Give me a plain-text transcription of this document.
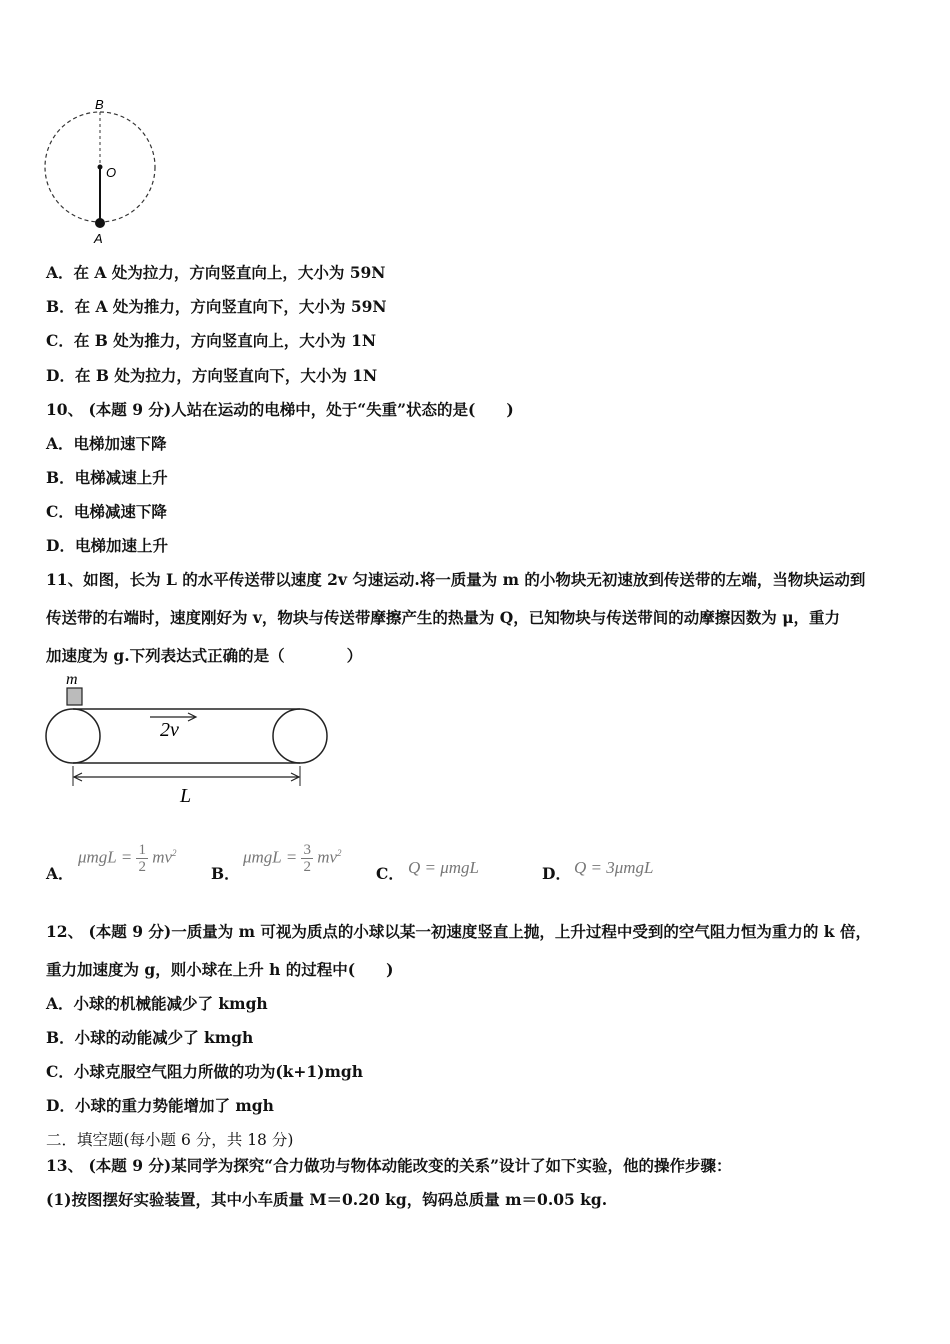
B
O
A
A．在 A 处为拉力，方向竖直向上，大小为 59N
B．在 A 处为推力，方向竖直向下，大小为 59N
C．在 B 处为推力，方向竖直向上，大小为 1N
D．在 B 处为拉力，方向竖直向下，大小为 1N
10、 (本题 9 分)人站在运动的电梯中，处于“失重”状态的是(　　)
A．电梯加速下降
B．电梯减速上升
C．电梯减速下降
D．电梯加速上升
11、如图，长为 L 的水平传送带以速度 2v 匀速运动.将一质量为 m 的小物块无初速放到传送带的左端，当物块运动到
传送带的右端时，速度刚好为 v，物块与传送带摩擦产生的热量为 Q，已知物块与传送带间的动摩擦因数为 μ，重力
加速度为 g.下列表达式正确的是（　　　　）
m
2v
L
A．
$\mu mgL = \frac{1}{2} mv^2$
B．
$\mu mgL = \frac{3}{2} mv^2$
C． Q = μmgL	D． Q = 3μmgL
12、 (本题 9 分)一质量为 m 可视为质点的小球以某一初速度竖直上抛，上升过程中受到的空气阻力恒为重力的 k 倍，
重力加速度为 g，则小球在上升 h 的过程中(　　)
A．小球的机械能减少了 kmgh
B．小球的动能减少了 kmgh
C．小球克服空气阻力所做的功为(k+1)mgh
D．小球的重力势能增加了 mgh
二．填空题(每小题 6 分，共 18 分)
13、 (本题 9 分)某同学为探究“合力做功与物体动能改变的关系”设计了如下实验，他的操作步骤：
(1)按图摆好实验装置，其中小车质量 M＝0.20 kg，钩码总质量 m＝0.05 kg.
